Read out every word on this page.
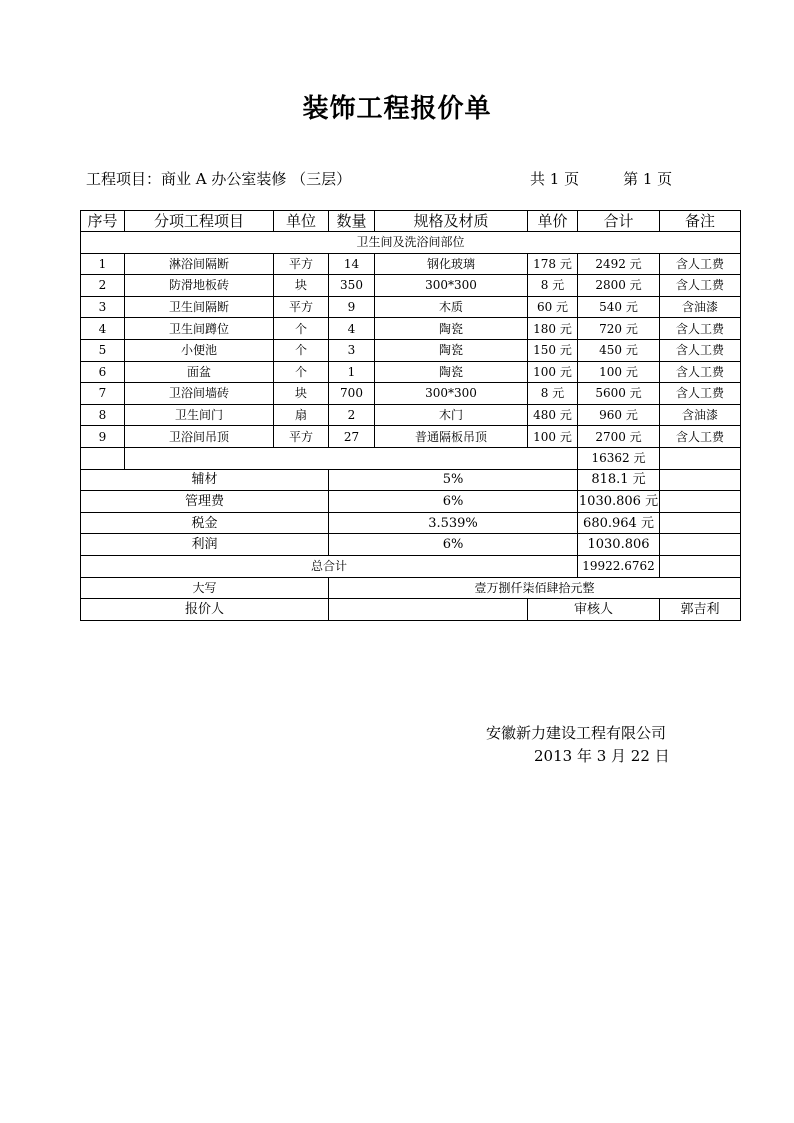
装饰工程报价单
工程项目：商业 A 办公室装修 （三层）	共 1 页	第 1 页
序号	分项工程项目	单位	数量	规格及材质	单价	合计	备注
卫生间及洗浴间部位							
1	淋浴间隔断	平方	14	钢化玻璃	178 元	2492 元	含人工费
2	防滑地板砖	块	350	300*300	8 元	2800 元	含人工费
3	卫生间隔断	平方	9	木质	60 元	540 元	含油漆
4	卫生间蹲位	个	4	陶瓷	180 元	720 元	含人工费
5	小便池	个	3	陶瓷	150 元	450 元	含人工费
6	面盆	个	1	陶瓷	100 元	100 元	含人工费
7	卫浴间墙砖	块	700	300*300	8 元	5600 元	含人工费
8	卫生间门	扇	2	木门	480 元	960 元	含油漆
9	卫浴间吊顶	平方	27	普通隔板吊顶	100 元	2700 元	含人工费
						16362 元	
辅材			5%			818.1 元	
管理费			6%			1030.806 元	
税金			3.539%			680.964 元	
利润			6%			1030.806	
总合计						19922.6762	
大写			壹万捌仟柒佰肆拾元整				
报价人					审核人		郭吉利
安徽新力建设工程有限公司
2013 年 3 月 22 日
